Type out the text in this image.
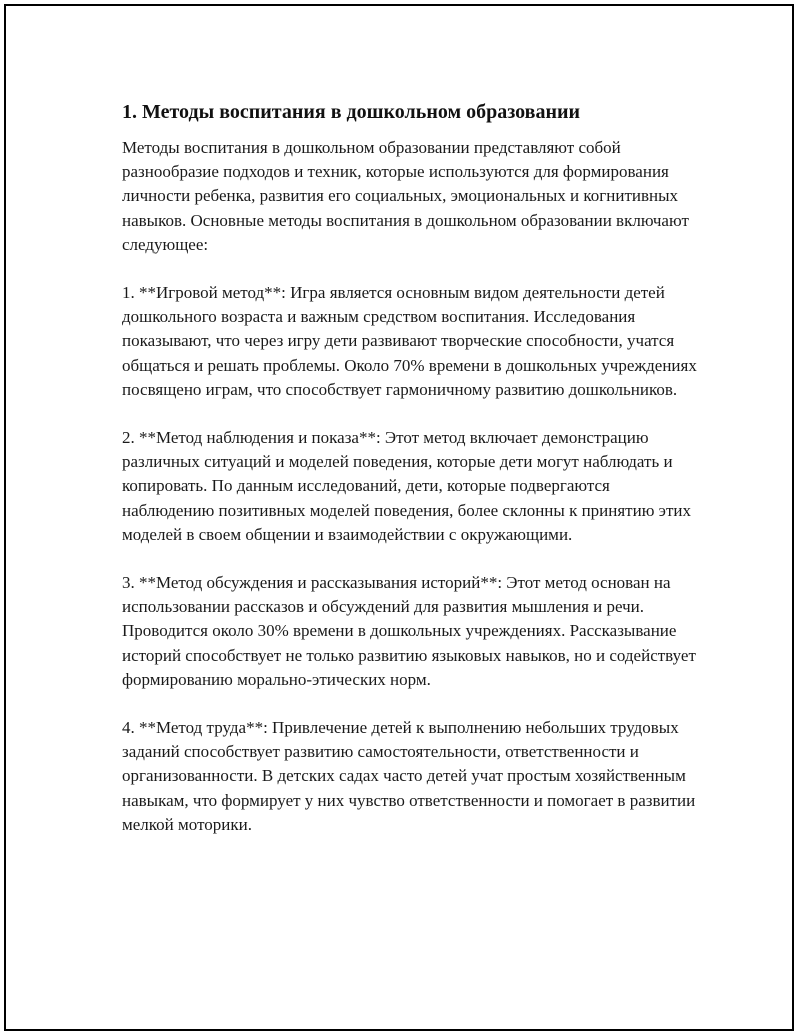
1. Методы воспитания в дошкольном образовании

Методы воспитания в дошкольном образовании представляют собой разнообразие подходов и техник, которые используются для формирования личности ребенка, развития его социальных, эмоциональных и когнитивных навыков. Основные методы воспитания в дошкольном образовании включают следующее:

1. **Игровой метод**: Игра является основным видом деятельности детей дошкольного возраста и важным средством воспитания. Исследования показывают, что через игру дети развивают творческие способности, учатся общаться и решать проблемы. Около 70% времени в дошкольных учреждениях посвящено играм, что способствует гармоничному развитию дошкольников.

2. **Метод наблюдения и показа**: Этот метод включает демонстрацию различных ситуаций и моделей поведения, которые дети могут наблюдать и копировать. По данным исследований, дети, которые подвергаются наблюдению позитивных моделей поведения, более склонны к принятию этих моделей в своем общении и взаимодействии с окружающими.

3. **Метод обсуждения и рассказывания историй**: Этот метод основан на использовании рассказов и обсуждений для развития мышления и речи. Проводится около 30% времени в дошкольных учреждениях. Рассказывание историй способствует не только развитию языковых навыков, но и содействует формированию морально-этических норм.

4. **Метод труда**: Привлечение детей к выполнению небольших трудовых заданий способствует развитию самостоятельности, ответственности и организованности. В детских садах часто детей учат простым хозяйственным навыкам, что формирует у них чувство ответственности и помогает в развитии мелкой моторики.
